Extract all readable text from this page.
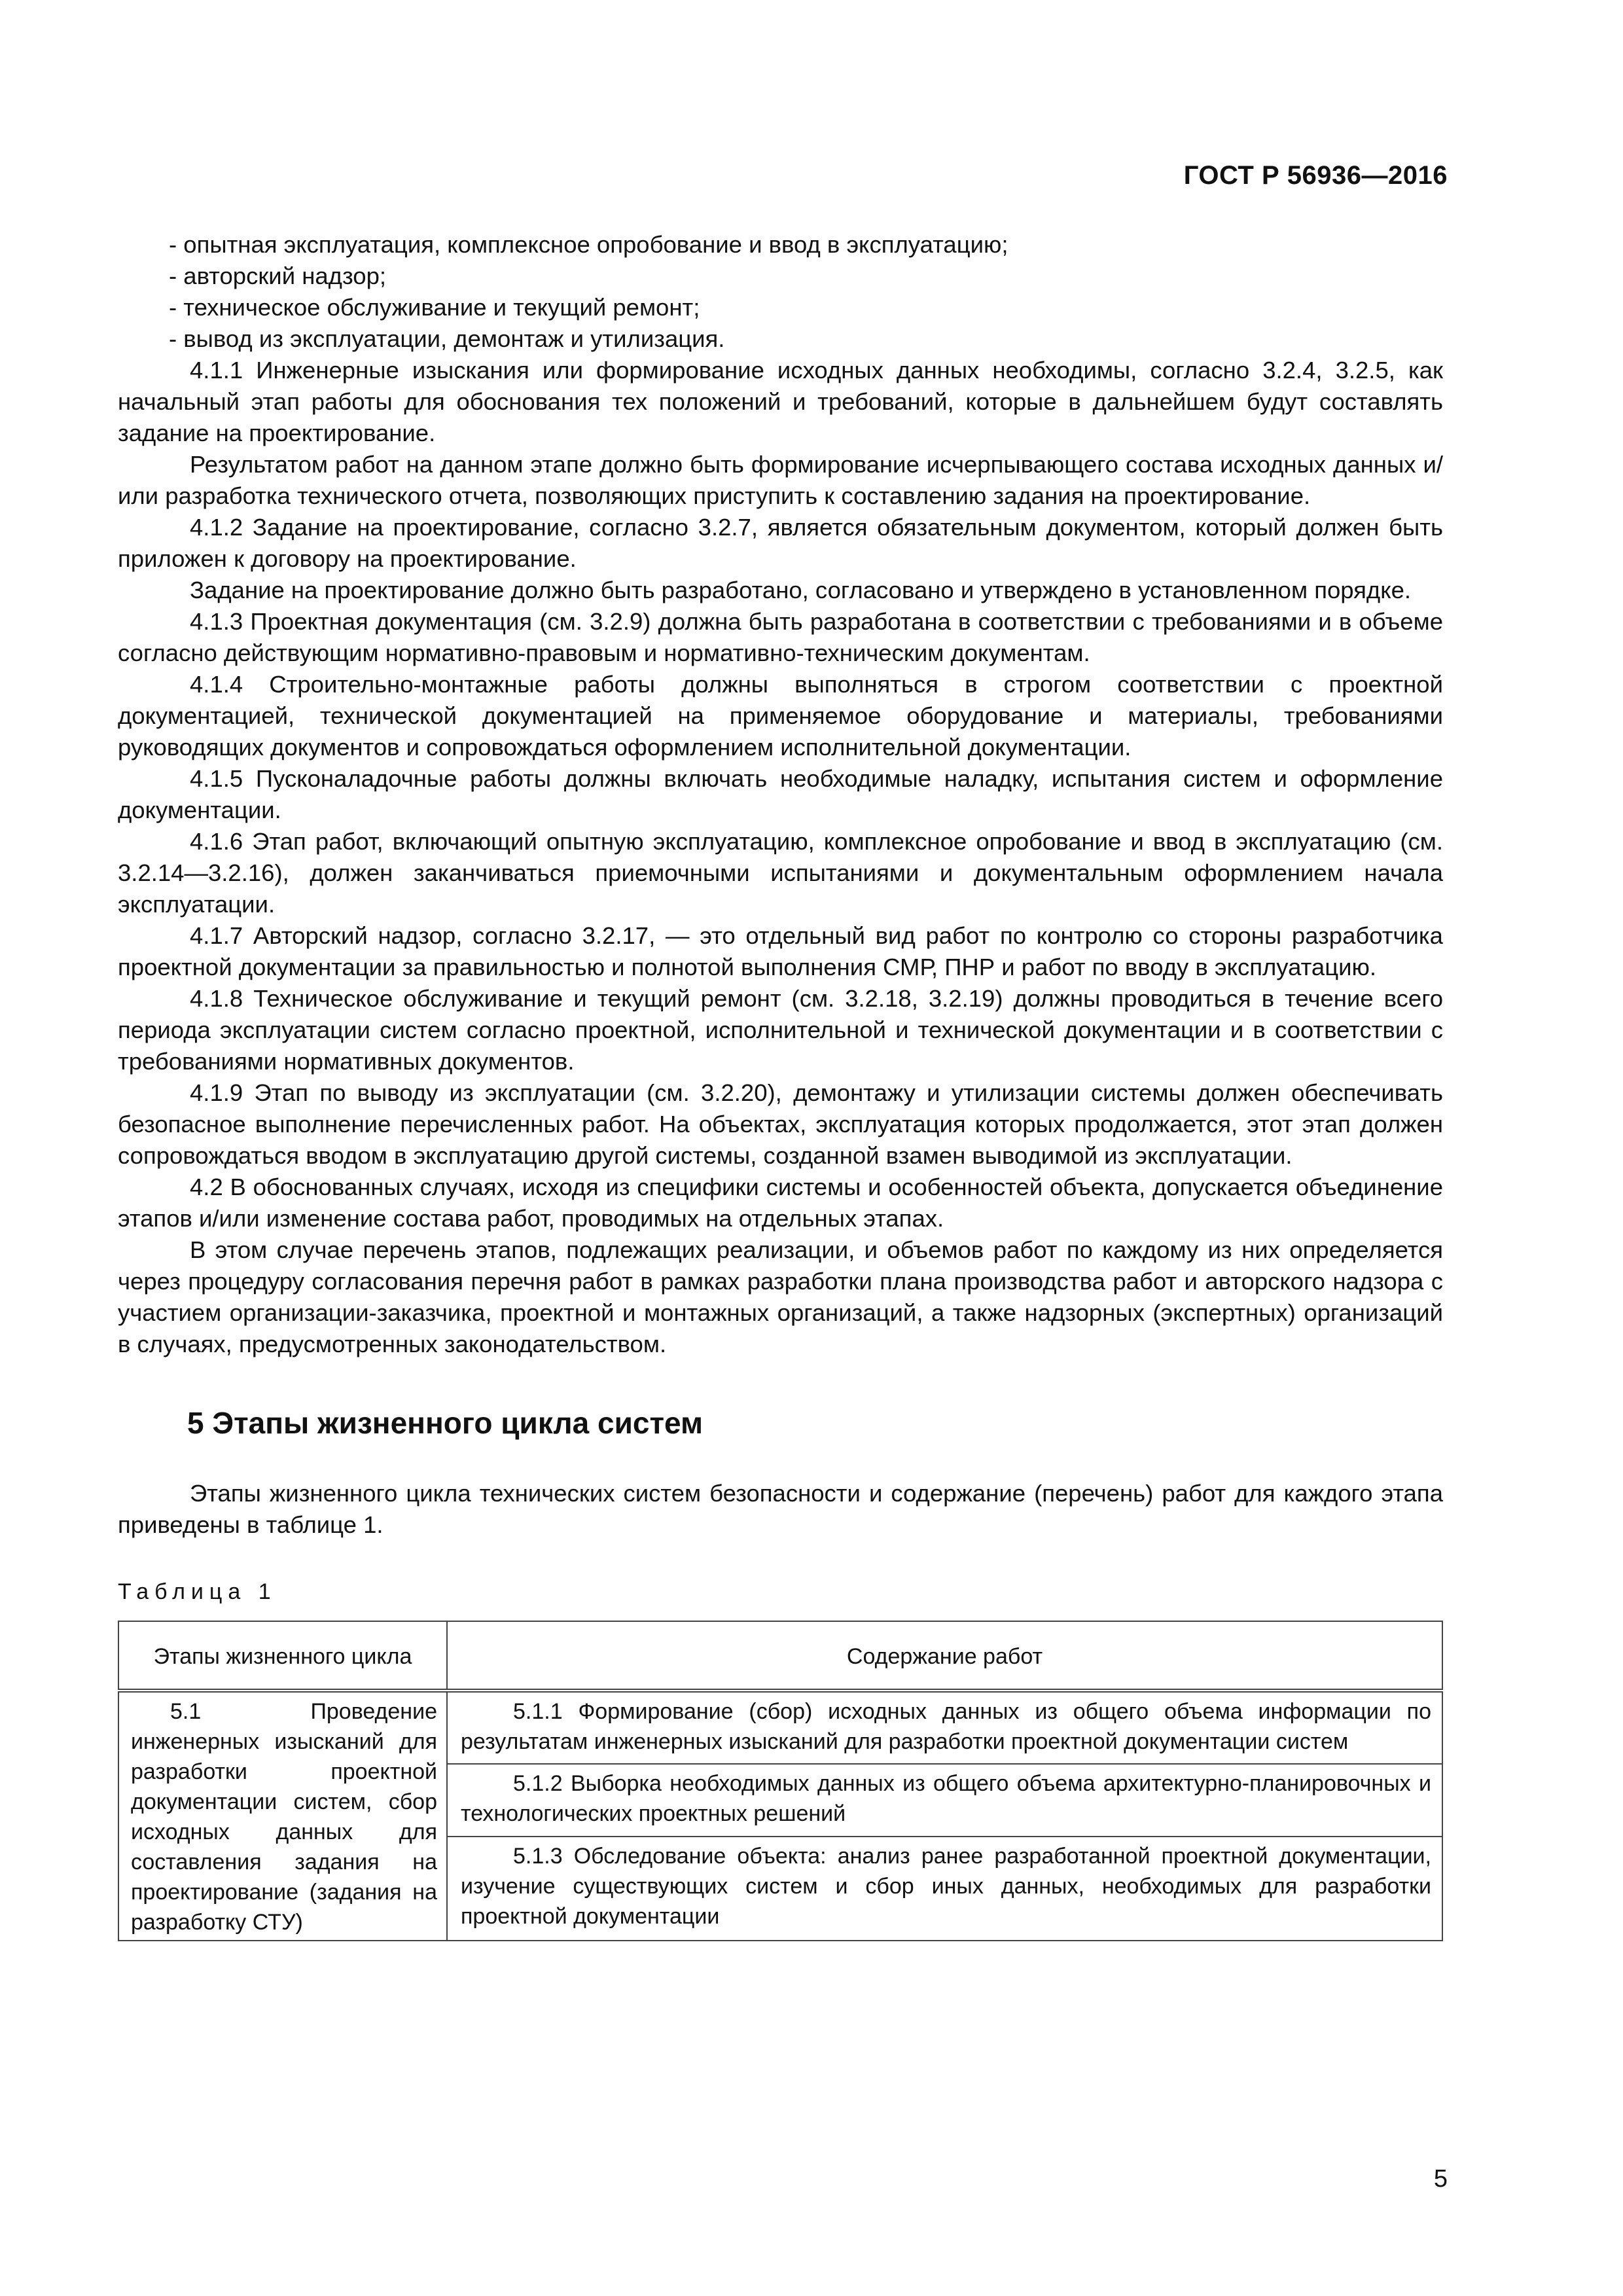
ГОСТ Р 56936—2016

- опытная эксплуатация, комплексное опробование и ввод в эксплуатацию;

- авторский надзор;

- техническое обслуживание и текущий ремонт;

- вывод из эксплуатации, демонтаж и утилизация.

4.1.1 Инженерные изыскания или формирование исходных данных необходимы, согласно 3.2.4, 3.2.5, как начальный этап работы для обоснования тех положений и требований, которые в дальнейшем будут составлять задание на проектирование.

Результатом работ на данном этапе должно быть формирование исчерпывающего состава исходных данных и/или разработка технического отчета, позволяющих приступить к составлению задания на проектирование.

4.1.2 Задание на проектирование, согласно 3.2.7, является обязательным документом, который должен быть приложен к договору на проектирование.

Задание на проектирование должно быть разработано, согласовано и утверждено в установленном порядке.

4.1.3 Проектная документация (см. 3.2.9) должна быть разработана в соответствии с требованиями и в объеме согласно действующим нормативно-правовым и нормативно-техническим документам.

4.1.4 Строительно-монтажные работы должны выполняться в строгом соответствии с проектной документацией, технической документацией на применяемое оборудование и материалы, требованиями руководящих документов и сопровождаться оформлением исполнительной документации.

4.1.5 Пусконаладочные работы должны включать необходимые наладку, испытания систем и оформление документации.

4.1.6 Этап работ, включающий опытную эксплуатацию, комплексное опробование и ввод в эксплуатацию (см. 3.2.14—3.2.16), должен заканчиваться приемочными испытаниями и документальным оформлением начала эксплуатации.

4.1.7 Авторский надзор, согласно 3.2.17, — это отдельный вид работ по контролю со стороны разработчика проектной документации за правильностью и полнотой выполнения СМР, ПНР и работ по вводу в эксплуатацию.

4.1.8 Техническое обслуживание и текущий ремонт (см. 3.2.18, 3.2.19) должны проводиться в течение всего периода эксплуатации систем согласно проектной, исполнительной и технической документации и в соответствии с требованиями нормативных документов.

4.1.9 Этап по выводу из эксплуатации (см. 3.2.20), демонтажу и утилизации системы должен обеспечивать безопасное выполнение перечисленных работ. На объектах, эксплуатация которых продолжается, этот этап должен сопровождаться вводом в эксплуатацию другой системы, созданной взамен выводимой из эксплуатации.

4.2 В обоснованных случаях, исходя из специфики системы и особенностей объекта, допускается объединение этапов и/или изменение состава работ, проводимых на отдельных этапах.

В этом случае перечень этапов, подлежащих реализации, и объемов работ по каждому из них определяется через процедуру согласования перечня работ в рамках разработки плана производства работ и авторского надзора с участием организации-заказчика, проектной и монтажных организаций, а также надзорных (экспертных) организаций в случаях, предусмотренных законодательством.

5 Этапы жизненного цикла систем

Этапы жизненного цикла технических систем безопасности и содержание (перечень) работ для каждого этапа приведены в таблице 1.

Таблица 1
Этапы жизненного цикла	Содержание работ

5.1 Проведение инженерных изысканий для разработки проектной документации систем, сбор исходных данных для составления задания на проектирование (задания на разработку СТУ)	5.1.1 Формирование (сбор) исходных данных из общего объема информации по результатам инженерных изысканий для разработки проектной документации систем

	5.1.2 Выборка необходимых данных из общего объема архитектурно-планировочных и технологических проектных решений

	5.1.3 Обследование объекта: анализ ранее разработанной проектной документации, изучение существующих систем и сбор иных данных, необходимых для разработки проектной документации

5
